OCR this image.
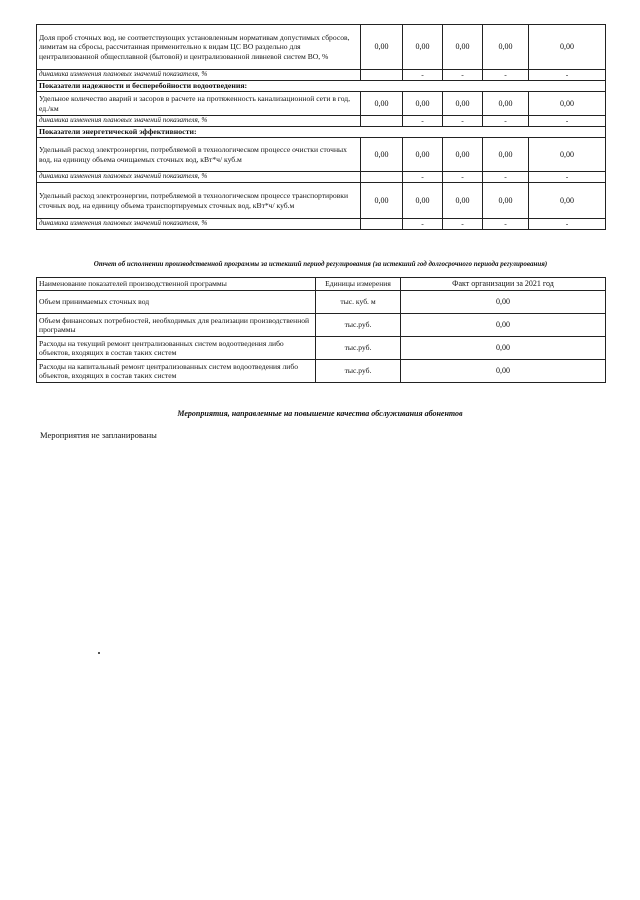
Доля проб сточных вод, не соответствующих установленным нормативам допустимых сбросов, лимитам на сбросы, рассчитанная применительно к видам ЦС ВО раздельно для централизованной общесплавной (бытовой) и централизованной ливневой систем ВО, %	0,00	0,00	0,00	0,00	0,00
динамика изменения плановых значений показателя, %		-	-	-	-
Показатели надежности и бесперебойности водоотведения:					
Удельное количество аварий и засоров в расчете на протяженность канализационной сети в год, ед./км	0,00	0,00	0,00	0,00	0,00
динамика изменения плановых значений показателя, %		-	-	-	-
Показатели энергетической эффективности:					
Удельный расход электроэнергии, потребляемой в технологическом процессе очистки сточных вод, на единицу объема очищаемых сточных вод, кВт*ч/ куб.м	0,00	0,00	0,00	0,00	0,00
динамика изменения плановых значений показателя, %		-	-	-	-
Удельный расход электроэнергии, потребляемой в технологическом процессе транспортировки сточных вод, на единицу объема транспортируемых сточных вод, кВт*ч/ куб.м	0,00	0,00	0,00	0,00	0,00
динамика изменения плановых значений показателя, %		-	-	-	-
Отчет об исполнении производственной программы за истекший период регулирования (за истекший год долгосрочного периода регулирования)
Наименование показателей производственной программы	Единицы измерения	Факт организации за 2021 год
Объем принимаемых сточных вод	тыс. куб. м	0,00
Объем финансовых потребностей, необходимых для реализации производственной программы	тыс.руб.	0,00
Расходы на текущий ремонт централизованных систем водоотведения либо объектов, входящих в состав таких систем	тыс.руб.	0,00
Расходы на капитальный ремонт централизованных систем водоотведения либо объектов, входящих в состав таких систем	тыс.руб.	0,00
Мероприятия, направленные на повышение качества обслуживания абонентов
Мероприятия не запланированы
